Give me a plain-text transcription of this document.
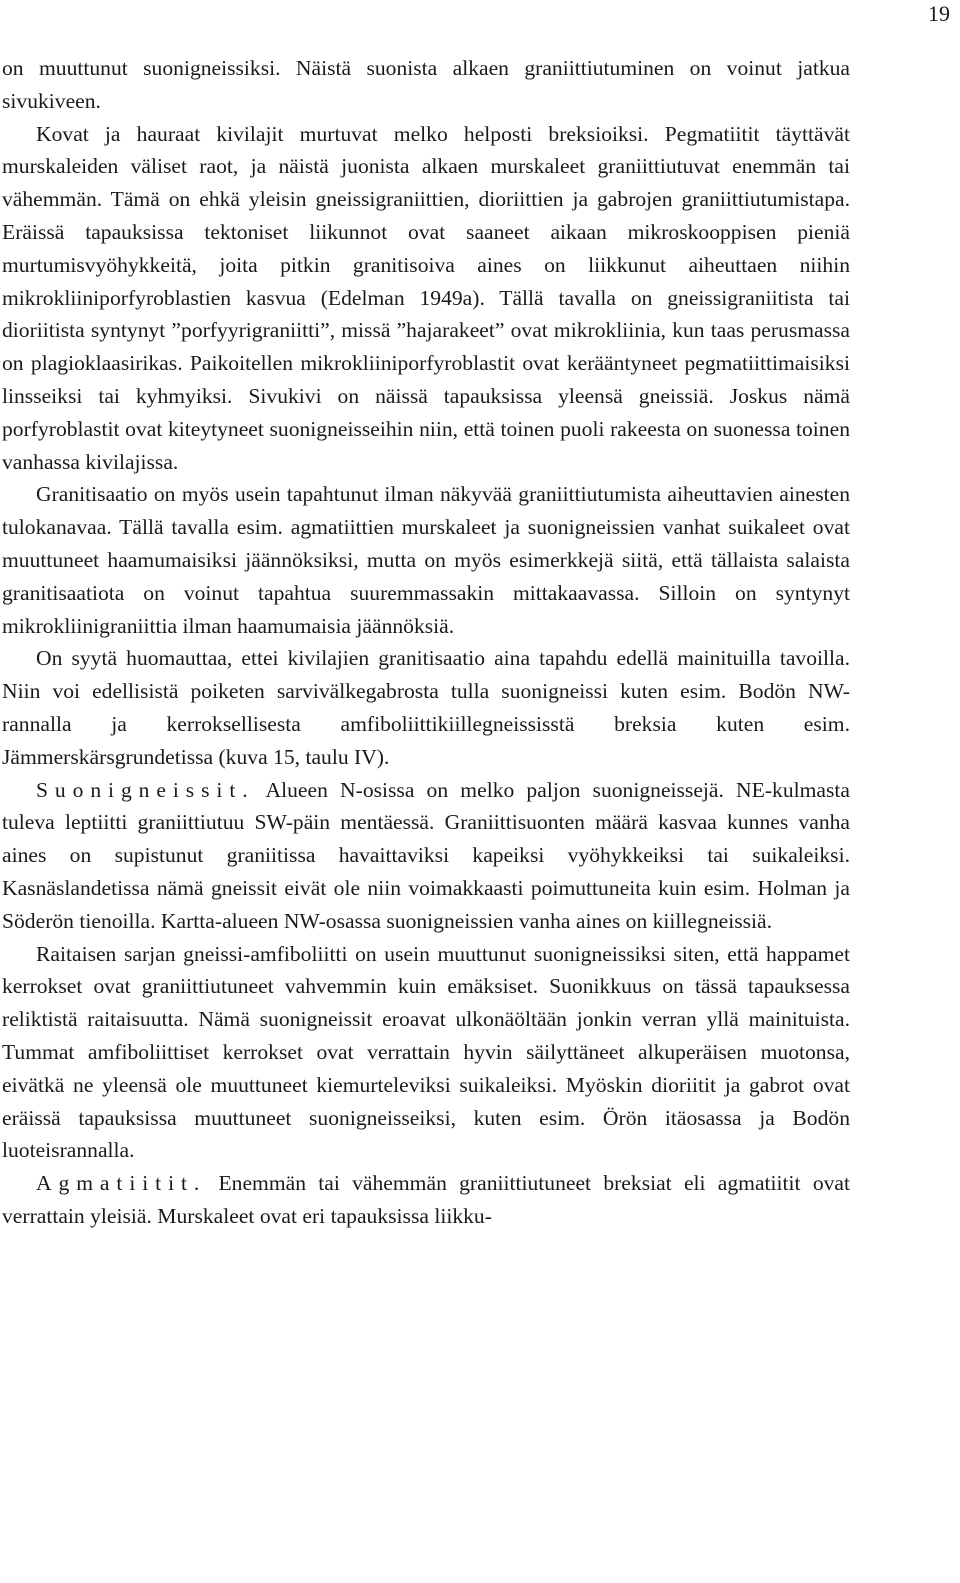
19

on muuttunut suonigneissiksi. Näistä suonista alkaen graniittiutuminen on voinut jatkua sivukiveen.

Kovat ja hauraat kivilajit murtuvat melko helposti breksioiksi. Pegmatiitit täyttävät murskaleiden väliset raot, ja näistä juonista alkaen murskaleet graniittiutuvat enemmän tai vähemmän. Tämä on ehkä yleisin gneissigraniittien, dioriittien ja gabrojen graniittiutumistapa. Eräissä tapauksissa tektoniset liikunnot ovat saaneet aikaan mikroskooppisen pieniä murtumisvyöhykkeitä, joita pitkin granitisoiva aines on liikkunut aiheuttaen niihin mikrokliiniporfyroblastien kasvua (Edelman 1949a). Tällä tavalla on gneissigraniitista tai dioriitista syntynyt ”porfyyrigraniitti”, missä ”hajarakeet” ovat mikrokliinia, kun taas perusmassa on plagioklaasirikas. Paikoitellen mikrokliiniporfyroblastit ovat kerääntyneet pegmatiittimaisiksi linsseiksi tai kyhmyiksi. Sivukivi on näissä tapauksissa yleensä gneissiä. Joskus nämä porfyroblastit ovat kiteytyneet suonigneisseihin niin, että toinen puoli rakeesta on suonessa toinen vanhassa kivilajissa.

Granitisaatio on myös usein tapahtunut ilman näkyvää graniittiutumista aiheuttavien ainesten tulokanavaa. Tällä tavalla esim. agmatiittien murskaleet ja suonigneissien vanhat suikaleet ovat muuttuneet haamumaisiksi jäännöksiksi, mutta on myös esimerkkejä siitä, että tällaista salaista granitisaatiota on voinut tapahtua suuremmassakin mittakaavassa. Silloin on syntynyt mikrokliinigraniittia ilman haamumaisia jäännöksiä.

On syytä huomauttaa, ettei kivilajien granitisaatio aina tapahdu edellä mainituilla tavoilla. Niin voi edellisistä poiketen sarvivälkegabrosta tulla suonigneissi kuten esim. Bodön NW-rannalla ja kerroksellisesta amfiboliittikiillegneississtä breksia kuten esim. Jämmerskärsgrundetissa (kuva 15, taulu IV).

Suonigneissit. Alueen N-osissa on melko paljon suonigneissejä. NE-kulmasta tuleva leptiitti graniittiutuu SW-päin mentäessä. Graniittisuonten määrä kasvaa kunnes vanha aines on supistunut graniitissa havaittaviksi kapeiksi vyöhykkeiksi tai suikaleiksi. Kasnäslandetissa nämä gneissit eivät ole niin voimakkaasti poimuttuneita kuin esim. Holman ja Söderön tienoilla. Kartta-alueen NW-osassa suonigneissien vanha aines on kiillegneissiä.

Raitaisen sarjan gneissi-amfiboliitti on usein muuttunut suonigneissiksi siten, että happamet kerrokset ovat graniittiutuneet vahvemmin kuin emäksiset. Suonikkuus on tässä tapauksessa reliktistä raitaisuutta. Nämä suonigneissit eroavat ulkonäöltään jonkin verran yllä mainituista. Tummat amfiboliittiset kerrokset ovat verrattain hyvin säilyttäneet alkuperäisen muotonsa, eivätkä ne yleensä ole muuttuneet kiemurteleviksi suikaleiksi. Myöskin dioriitit ja gabrot ovat eräissä tapauksissa muuttuneet suonigneisseiksi, kuten esim. Örön itäosassa ja Bodön luoteisrannalla.

Agmatiitit. Enemmän tai vähemmän graniittiutuneet breksiat eli agmatiitit ovat verrattain yleisiä. Murskaleet ovat eri tapauksissa liikku-
